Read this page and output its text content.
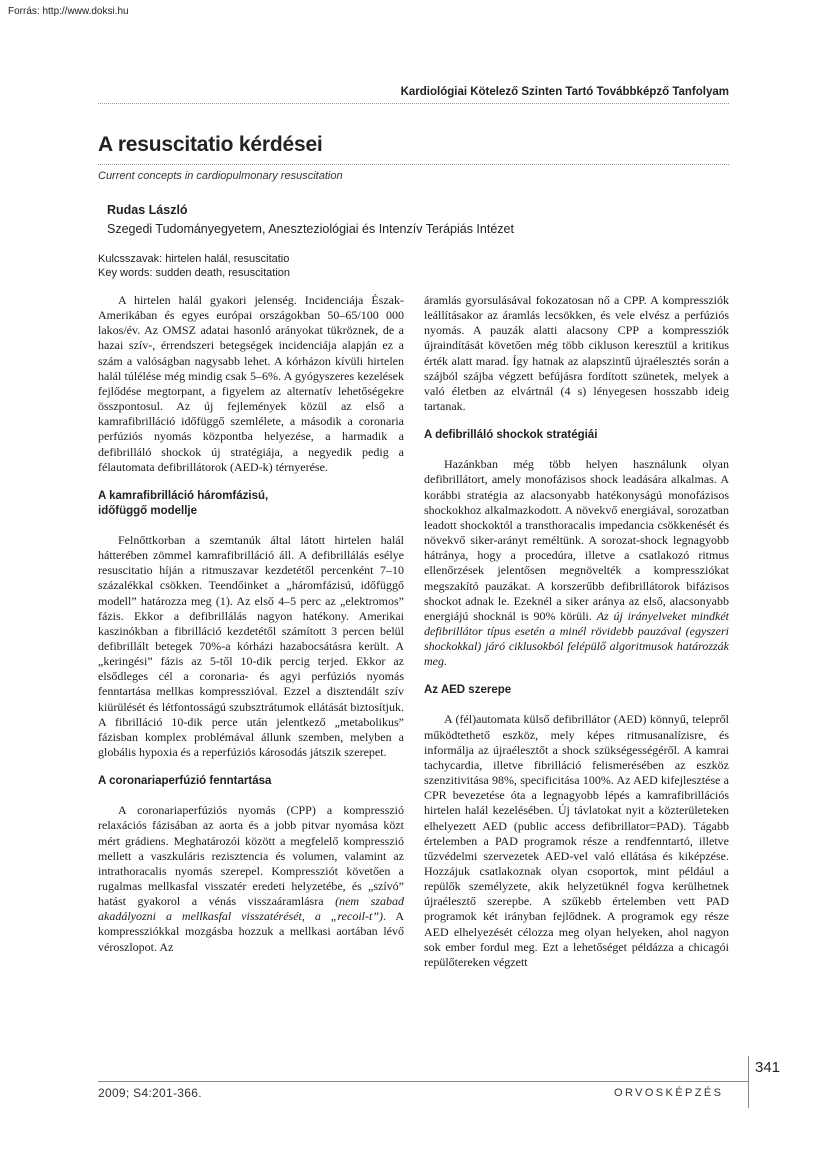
Forrás: http://www.doksi.hu
Kardiológiai Kötelező Szinten Tartó Továbbképző Tanfolyam
A resuscitatio kérdései
Current concepts in cardiopulmonary resuscitation
Rudas László
Szegedi Tudományegyetem, Aneszteziológiai és Intenzív Terápiás Intézet
Kulcsszavak: hirtelen halál, resuscitatio
Key words: sudden death, resuscitation

A hirtelen halál gyakori jelenség. Incidenciája Észak-Amerikában és egyes európai országokban 50–65/100 000 lakos/év. Az OMSZ adatai hasonló arányokat tükröznek, de a hazai szív-, érrendszeri betegségek incidenciája alapján ez a szám a valóságban nagysabb lehet. A kórházon kívüli hirtelen halál túlélése még mindig csak 5–6%. A gyógyszeres kezelések fejlődése megtorpant, a figyelem az alternatív lehetőségekre összpontosul. Az új fejlemények közül az első a kamrafibrilláció időfüggő szemlélete, a második a coronaria perfúziós nyomás központba helyezése, a harmadik a defibrilláló shockok új stratégiája, a negyedik pedig a félautomata defibrillátorok (AED-k) térnyerése.

A kamrafibrilláció háromfázisú,
időfüggő modellje

Felnőttkorban a szemtanúk által látott hirtelen halál hátterében zömmel kamrafibrilláció áll. A defibrillálás esélye resuscitatio híján a ritmuszavar kezdetétől percenként 7–10 százalékkal csökken. Teendőinket a „háromfázisú, időfüggő modell” határozza meg (1). Az első 4–5 perc az „elektromos” fázis. Ekkor a defibrillálás nagyon hatékony. Amerikai kaszinókban a fibrilláció kezdetétől számított 3 percen belül defibrillált betegek 70%-a kórházi hazabocsátásra került. A „keringési” fázis az 5-től 10-dik percig terjed. Ekkor az elsődleges cél a coronaria- és agyi perfúziós nyomás fenntartása mellkas kompresszióval. Ezzel a disztendált szív kiürülését és létfontosságú szubsztrátumok ellátását biztosítjuk. A fibrilláció 10-dik perce után jelentkező „metabolikus” fázisban komplex problémával állunk szemben, melyben a globális hypoxia és a reperfúziós károsodás játszik szerepet.

A coronariaperfúzió fenntartása

A coronariaperfúziós nyomás (CPP) a kompresszió relaxációs fázisában az aorta és a jobb pitvar nyomása közt mért grádiens. Meghatározói között a megfelelő kompresszió mellett a vaszkuláris rezisztencia és volumen, valamint az intrathoracalis nyomás szerepel. Kompressziót követően a rugalmas mellkasfal visszatér eredeti helyzetébe, és „szívó” hatást gyakorol a vénás visszaáramlásra (nem szabad akadályozni a mellkasfal visszatérését, a „recoil-t”). A kompressziókkal mozgásba hozzuk a mellkasi aortában lévő véroszlopot. Az

áramlás gyorsulásával fokozatosan nő a CPP. A kompressziók leállításakor az áramlás lecsökken, és vele elvész a perfúziós nyomás. A pauzák alatti alacsony CPP a kompressziók újraindítását követően még több cikluson keresztül a kritikus érték alatt marad. Így hatnak az alapszintű újraélesztés során a szájból szájba végzett befújásra fordított szünetek, melyek a való életben az elvártnál (4 s) lényegesen hosszabb ideig tartanak.

A defibrilláló shockok stratégiái

Hazánkban még több helyen használunk olyan defibrillátort, amely monofázisos shock leadására alkalmas. A korábbi stratégia az alacsonyabb hatékonyságú monofázisos shockokhoz alkalmazkodott. A növekvő energiával, sorozatban leadott shockoktól a transthoracalis impedancia csökkenését és növekvő siker-arányt reméltünk. A sorozat-shock legnagyobb hátránya, hogy a procedúra, illetve a csatlakozó ritmus ellenőrzések jelentősen megnövelték a kompressziókat megszakító pauzákat. A korszerűbb defibrillátorok bifázisos shockot adnak le. Ezeknél a siker aránya az első, alacsonyabb energiájú shocknál is 90% körüli. Az új irányelveket mindkét defibrillátor típus esetén a minél rövidebb pauzával (egyszeri shockokkal) járó ciklusokból felépülő algoritmusok határozzák meg.

Az AED szerepe

A (fél)automata külső defibrillátor (AED) könnyű, telepről működtethető eszköz, mely képes ritmusanalízisre, és informálja az újraélesztőt a shock szükségességéről. A kamrai tachycardia, illetve fibrilláció felismerésében az eszköz szenzitivitása 98%, specificitása 100%. Az AED kifejlesztése a CPR bevezetése óta a legnagyobb lépés a kamrafibrillációs hirtelen halál kezelésében. Új távlatokat nyit a közterületeken elhelyezett AED (public access defibrillator=PAD). Tágabb értelemben a PAD programok része a rendfenntartó, illetve tűzvédelmi szervezetek AED-vel való ellátása és kiképzése. Hozzájuk csatlakoznak olyan csoportok, mint például a repülők személyzete, akik helyzetüknél fogva kerülhetnek újraélesztő szerepbe. A szűkebb értelemben vett PAD programok két irányban fejlődnek. A programok egy része AED elhelyezését célozza meg olyan helyeken, ahol nagyon sok ember fordul meg. Ezt a lehetőséget példázza a chicagói repülőtereken végzett

341
2009; S4:201-366.	ORVOSKÉPZÉS
